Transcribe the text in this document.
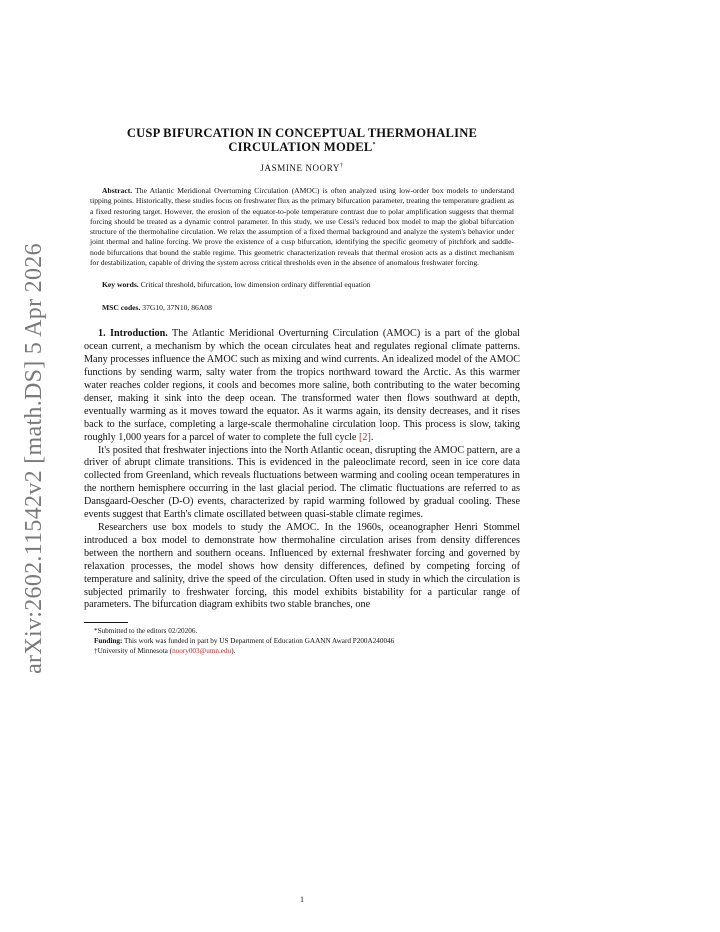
arXiv:2602.11542v2 [math.DS] 5 Apr 2026
CUSP BIFURCATION IN CONCEPTUAL THERMOHALINE
CIRCULATION MODEL*
JASMINE NOORY†
Abstract. The Atlantic Meridional Overturning Circulation (AMOC) is often analyzed using low-order box models to understand tipping points. Historically, these studies focus on freshwater flux as the primary bifurcation parameter, treating the temperature gradient as a fixed restoring target. However, the erosion of the equator-to-pole temperature contrast due to polar amplification suggests that thermal forcing should be treated as a dynamic control parameter. In this study, we use Cessi's reduced box model to map the global bifurcation structure of the thermohaline circulation. We relax the assumption of a fixed thermal background and analyze the system's behavior under joint thermal and haline forcing. We prove the existence of a cusp bifurcation, identifying the specific geometry of pitchfork and saddle-node bifurcations that bound the stable regime. This geometric characterization reveals that thermal erosion acts as a distinct mechanism for destabilization, capable of driving the system across critical thresholds even in the absence of anomalous freshwater forcing.
Key words. Critical threshold, bifurcation, low dimension ordinary differential equation
MSC codes. 37G10, 37N10, 86A08

1. Introduction. The Atlantic Meridional Overturning Circulation (AMOC) is a part of the global ocean current, a mechanism by which the ocean circulates heat and regulates regional climate patterns. Many processes influence the AMOC such as mixing and wind currents. An idealized model of the AMOC functions by sending warm, salty water from the tropics northward toward the Arctic. As this warmer water reaches colder regions, it cools and becomes more saline, both contributing to the water becoming denser, making it sink into the deep ocean. The transformed water then flows southward at depth, eventually warming as it moves toward the equator. As it warms again, its density decreases, and it rises back to the surface, completing a large-scale thermohaline circulation loop. This process is slow, taking roughly 1,000 years for a parcel of water to complete the full cycle [2].

It's posited that freshwater injections into the North Atlantic ocean, disrupting the AMOC pattern, are a driver of abrupt climate transitions. This is evidenced in the paleoclimate record, seen in ice core data collected from Greenland, which reveals fluctuations between warming and cooling ocean temperatures in the northern hemisphere occurring in the last glacial period. The climatic fluctuations are referred to as Dansgaard-Oescher (D-O) events, characterized by rapid warming followed by gradual cooling. These events suggest that Earth's climate oscillated between quasi-stable climate regimes.

Researchers use box models to study the AMOC. In the 1960s, oceanographer Henri Stommel introduced a box model to demonstrate how thermohaline circulation arises from density differences between the northern and southern oceans. Influenced by external freshwater forcing and governed by relaxation processes, the model shows how density differences, defined by competing forcing of temperature and salinity, drive the speed of the circulation. Often used in study in which the circulation is subjected primarily to freshwater forcing, this model exhibits bistability for a particular range of parameters. The bifurcation diagram exhibits two stable branches, one

*Submitted to the editors 02/20206.
Funding: This work was funded in part by US Department of Education GAANN Award P200A240046
†University of Minnesota (noory003@umn.edu).
1
